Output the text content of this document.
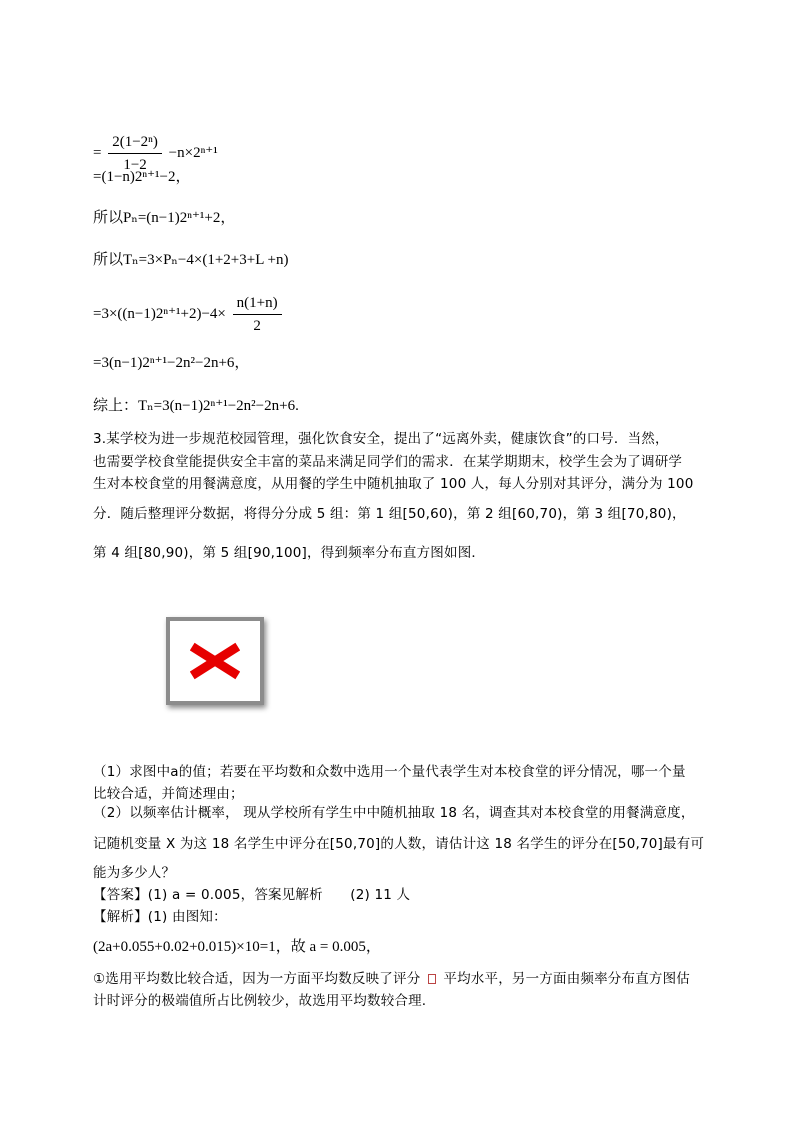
= $\frac{\text{2(1−2ⁿ)}}{1-2} -n\times 2^{n+1}$
=(1−n)2ⁿ⁺¹−2，
所以Pₙ=(n−1)2ⁿ⁺¹+2，
所以Tₙ=3×Pₙ−4×(1+2+3+L +n)
$=3\times((n-1)2^{n+1}+2)-4\times \frac{n(1+n)}{2}$
=3(n−1)2ⁿ⁺¹−2n²−2n+6，
综上：Tₙ=3(n−1)2ⁿ⁺¹−2n²−2n+6.
3.某学校为进一步规范校园管理，强化饮食安全，提出了“远离外卖，健康饮食”的口号．当然，
也需要学校食堂能提供安全丰富的菜品来满足同学们的需求．在某学期期末，校学生会为了调研学
生对本校食堂的用餐满意度，从用餐的学生中随机抽取了 100 人，每人分别对其评分，满分为 100
分．随后整理评分数据，将得分分成 5 组：第 1 组[50,60)，第 2 组[60,70)，第 3 组[70,80)，
第 4 组[80,90)，第 5 组[90,100]，得到频率分布直方图如图．
（1）求图中a的值；若要在平均数和众数中选用一个量代表学生对本校食堂的评分情况，哪一个量
比较合适，并简述理由；
（2）以频率估计概率， 现从学校所有学生中中随机抽取 18 名，调查其对本校食堂的用餐满意度，
记随机变量 X 为这 18 名学生中评分在[50,70]的人数，请估计这 18 名学生的评分在[50,70]最有可
能为多少人？
【答案】(1) a = 0.005，答案见解析　　(2) 11 人
【解析】(1) 由图知：
(2a+0.055+0.02+0.015)×10=1，故 a = 0.005，
①选用平均数比较合适，因为一方面平均数反映了评分 平均水平，另一方面由频率分布直方图估
计时评分的极端值所占比例较少，故选用平均数较合理.
